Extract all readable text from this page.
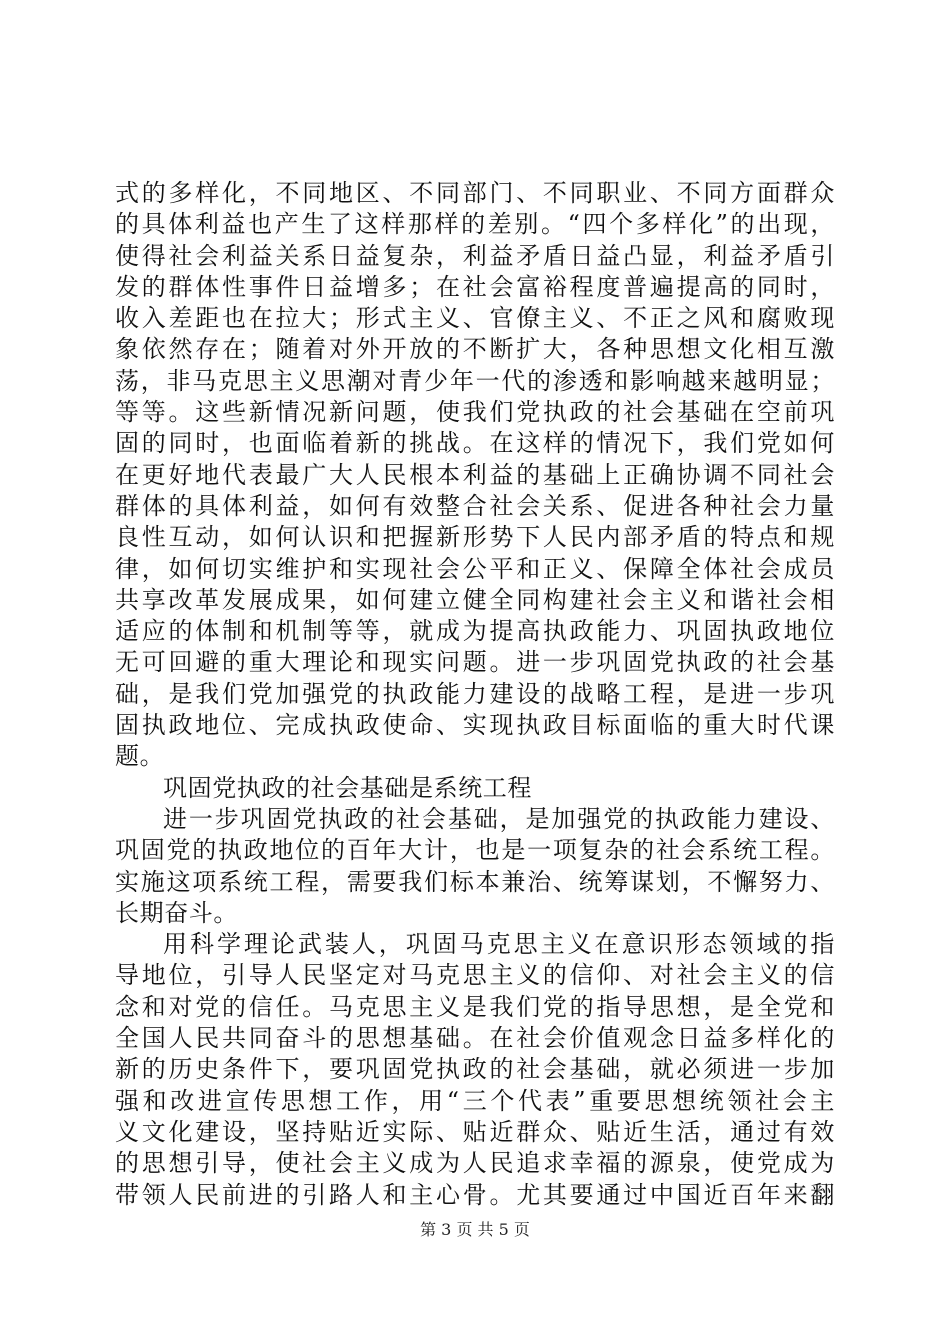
式的多样化，不同地区、不同部门、不同职业、不同方面群众
的具体利益也产生了这样那样的差别。“四个多样化”的出现，
使得社会利益关系日益复杂，利益矛盾日益凸显，利益矛盾引
发的群体性事件日益增多；在社会富裕程度普遍提高的同时，
收入差距也在拉大；形式主义、官僚主义、不正之风和腐败现
象依然存在；随着对外开放的不断扩大，各种思想文化相互激
荡，非马克思主义思潮对青少年一代的渗透和影响越来越明显；
等等。这些新情况新问题，使我们党执政的社会基础在空前巩
固的同时，也面临着新的挑战。在这样的情况下，我们党如何
在更好地代表最广大人民根本利益的基础上正确协调不同社会
群体的具体利益，如何有效整合社会关系、促进各种社会力量
良性互动，如何认识和把握新形势下人民内部矛盾的特点和规
律，如何切实维护和实现社会公平和正义、保障全体社会成员
共享改革发展成果，如何建立健全同构建社会主义和谐社会相
适应的体制和机制等等，就成为提高执政能力、巩固执政地位
无可回避的重大理论和现实问题。进一步巩固党执政的社会基
础，是我们党加强党的执政能力建设的战略工程，是进一步巩
固执政地位、完成执政使命、实现执政目标面临的重大时代课
题。
巩固党执政的社会基础是系统工程
进一步巩固党执政的社会基础，是加强党的执政能力建设、
巩固党的执政地位的百年大计，也是一项复杂的社会系统工程。
实施这项系统工程，需要我们标本兼治、统筹谋划，不懈努力、
长期奋斗。
用科学理论武装人，巩固马克思主义在意识形态领域的指
导地位，引导人民坚定对马克思主义的信仰、对社会主义的信
念和对党的信任。马克思主义是我们党的指导思想，是全党和
全国人民共同奋斗的思想基础。在社会价值观念日益多样化的
新的历史条件下，要巩固党执政的社会基础，就必须进一步加
强和改进宣传思想工作，用“三个代表”重要思想统领社会主
义文化建设，坚持贴近实际、贴近群众、贴近生活，通过有效
的思想引导，使社会主义成为人民追求幸福的源泉，使党成为
带领人民前进的引路人和主心骨。尤其要通过中国近百年来翻
第 3 页 共 5 页
